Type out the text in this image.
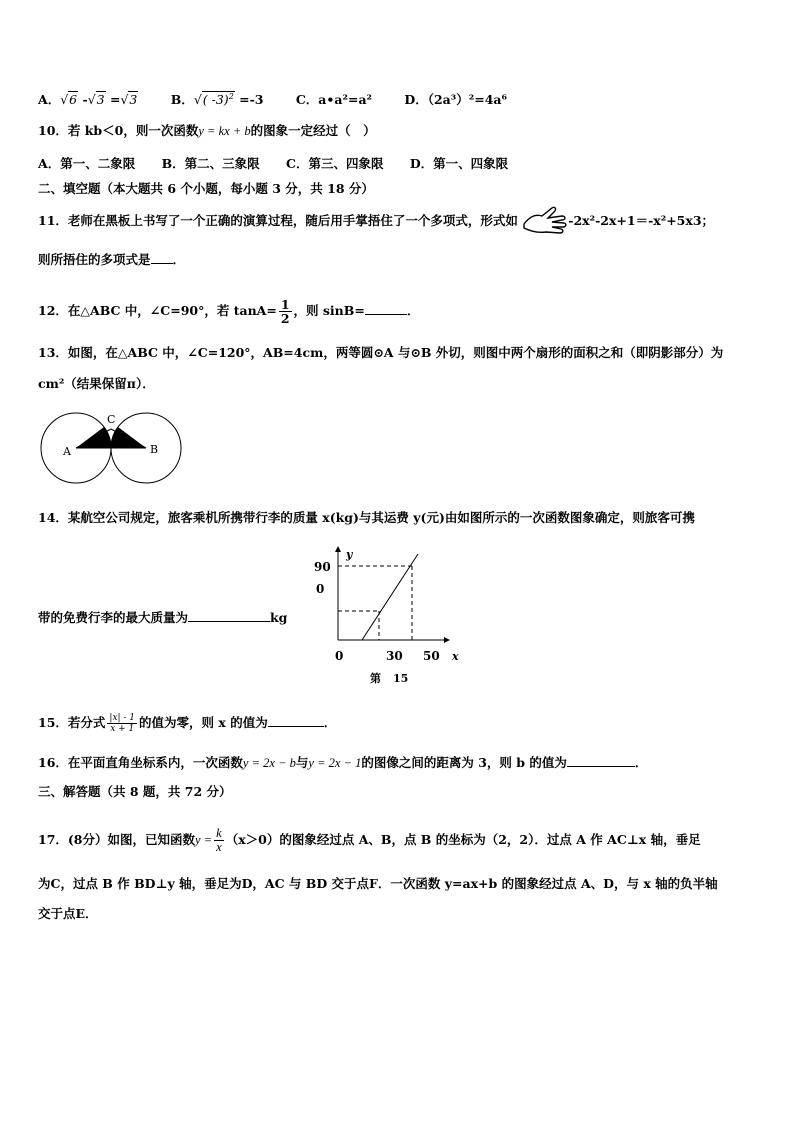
A．√6 -√3 =√3	B．√( -3)$^2$ =-3	C．a•a²=a²	D．（2a³）²=4a⁶
10．若 kb＜0，则一次函数y = kx + b的图象一定经过（　）
A．第一、二象限 B．第二、三象限 C．第三、四象限 D．第一、四象限
二、填空题（本大题共 6 个小题，每小题 3 分，共 18 分）
11．老师在黑板上书写了一个正确的演算过程，随后用手掌捂住了一个多项式，形式如	-2x²-2x+1＝-x²+5x3；
则所捂住的多项式是 ．
12．在△ABC 中，∠C=90°，若 $\tan A= \frac{1}{2}$ ，则 sinB=	．
13．如图，在△ABC 中，∠C=120°，AB=4cm，两等圆⊙A 与⊙B 外切，则图中两个扇形的面积之和（即阴影部分）为
cm²（结果保留π）．
A	B
C
14．某航空公司规定，旅客乘机所携带行李的质量 x(kg)与其运费 y(元)由如图所示的一次函数图象确定，则旅客可携
带的免费行李的最大质量为	kg
y
x
90
0
0	30 50
第 15
15．若分式 $\frac{|x| - 1}{x + 1}$ 的值为零，则 x 的值为	．
16．在平面直角坐标系内，一次函数y = 2x − b与y = 2x − 1的图像之间的距离为 3，则 b 的值为	．
三、解答题（共 8 题，共 72 分）
17．(8分）如图，已知函数$y = \frac{k}{x} (x>0)$的图象经过点 A、B，点 B 的坐标为（2，2）．过点 A 作 AC⊥x 轴，垂足
为C，过点 B 作 BD⊥y 轴，垂足为D，AC 与 BD 交于点F．一次函数 y=ax+b 的图象经过点 A、D，与 x 轴的负半轴
交于点E．
